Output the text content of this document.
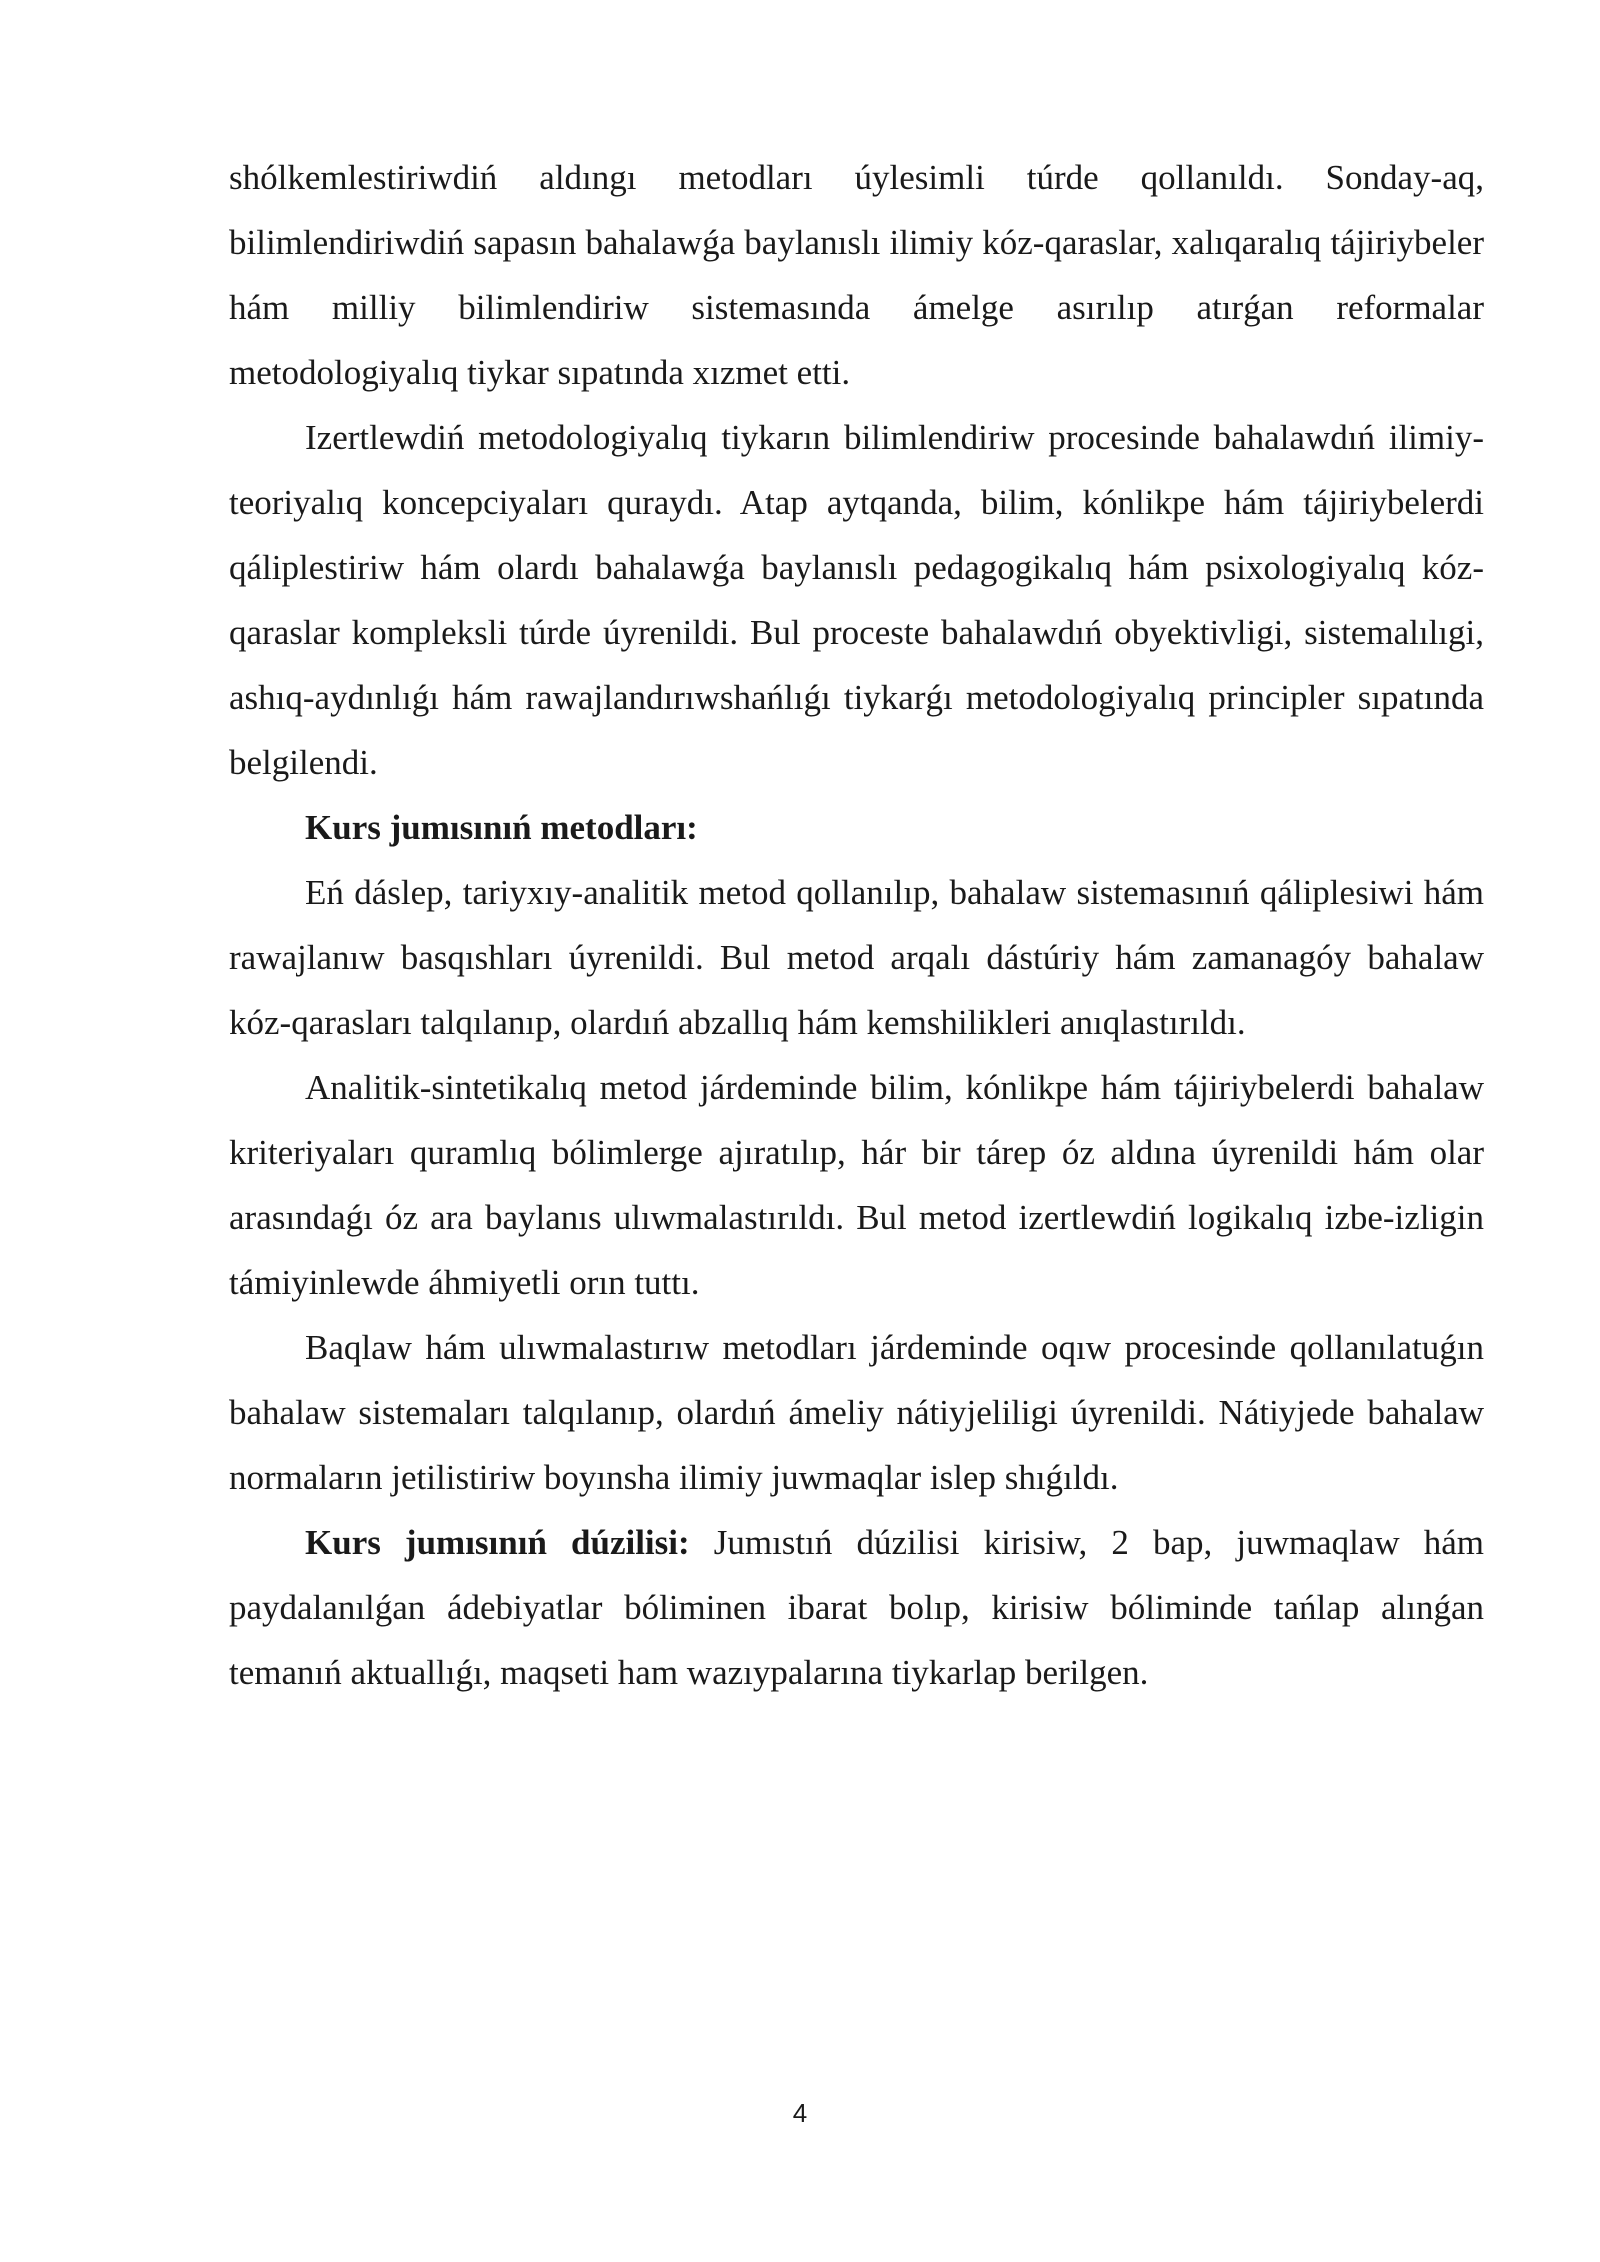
shólkemlestiriwdiń aldıngı metodları úylesimli túrde qollanıldı. Sonday-aq, bilimlendiriwdiń sapasın bahalawǵa baylanıslı ilimiy kóz-qaraslar, xalıqaralıq tájiriybeler hám milliy bilimlendiriw sistemasında ámelge asırılıp atırǵan reformalar metodologiyalıq tiykar sıpatında xızmet etti.

Izertlewdiń metodologiyalıq tiykarın bilimlendiriw procesinde bahalawdıń ilimiy-teoriyalıq koncepciyaları quraydı. Atap aytqanda, bilim, kónlikpe hám tájiriybelerdi qáliplestiriw hám olardı bahalawǵa baylanıslı pedagogikalıq hám psixologiyalıq kóz-qaraslar kompleksli túrde úyrenildi. Bul proceste bahalawdıń obyektivligi, sistemalılıgi, ashıq-aydınlıǵı hám rawajlandırıwshańlıǵı tiykarǵı metodologiyalıq principler sıpatında belgilendi.

Kurs jumısınıń metodları:

Eń dáslep, tariyxıy-analitik metod qollanılıp, bahalaw sistemasınıń qáliplesiwi hám rawajlanıw basqıshları úyrenildi. Bul metod arqalı dástúriy hám zamanagóy bahalaw kóz-qarasları talqılanıp, olardıń abzallıq hám kemshilikleri anıqlastırıldı.

Analitik-sintetikalıq metod járdeminde bilim, kónlikpe hám tájiriybelerdi bahalaw kriteriyaları quramlıq bólimlerge ajıratılıp, hár bir tárep óz aldına úyrenildi hám olar arasındaǵı óz ara baylanıs ulıwmalastırıldı. Bul metod izertlewdiń logikalıq izbe-izligin támiyinlewde áhmiyetli orın tuttı.

Baqlaw hám ulıwmalastırıw metodları járdeminde oqıw procesinde qollanılatuǵın bahalaw sistemaları talqılanıp, olardıń ámeliy nátiyjeliligi úyrenildi. Nátiyjede bahalaw normaların jetilistiriw boyınsha ilimiy juwmaqlar islep shıǵıldı.

Kurs jumısınıń dúzilisi: Jumıstıń dúzilisi kirisiw, 2 bap, juwmaqlaw hám paydalanılǵan ádebiyatlar bóliminen ibarat bolıp, kirisiw bóliminde tańlap alınǵan temanıń aktuallıǵı, maqseti ham wazıypalarına tiykarlap berilgen.

4
